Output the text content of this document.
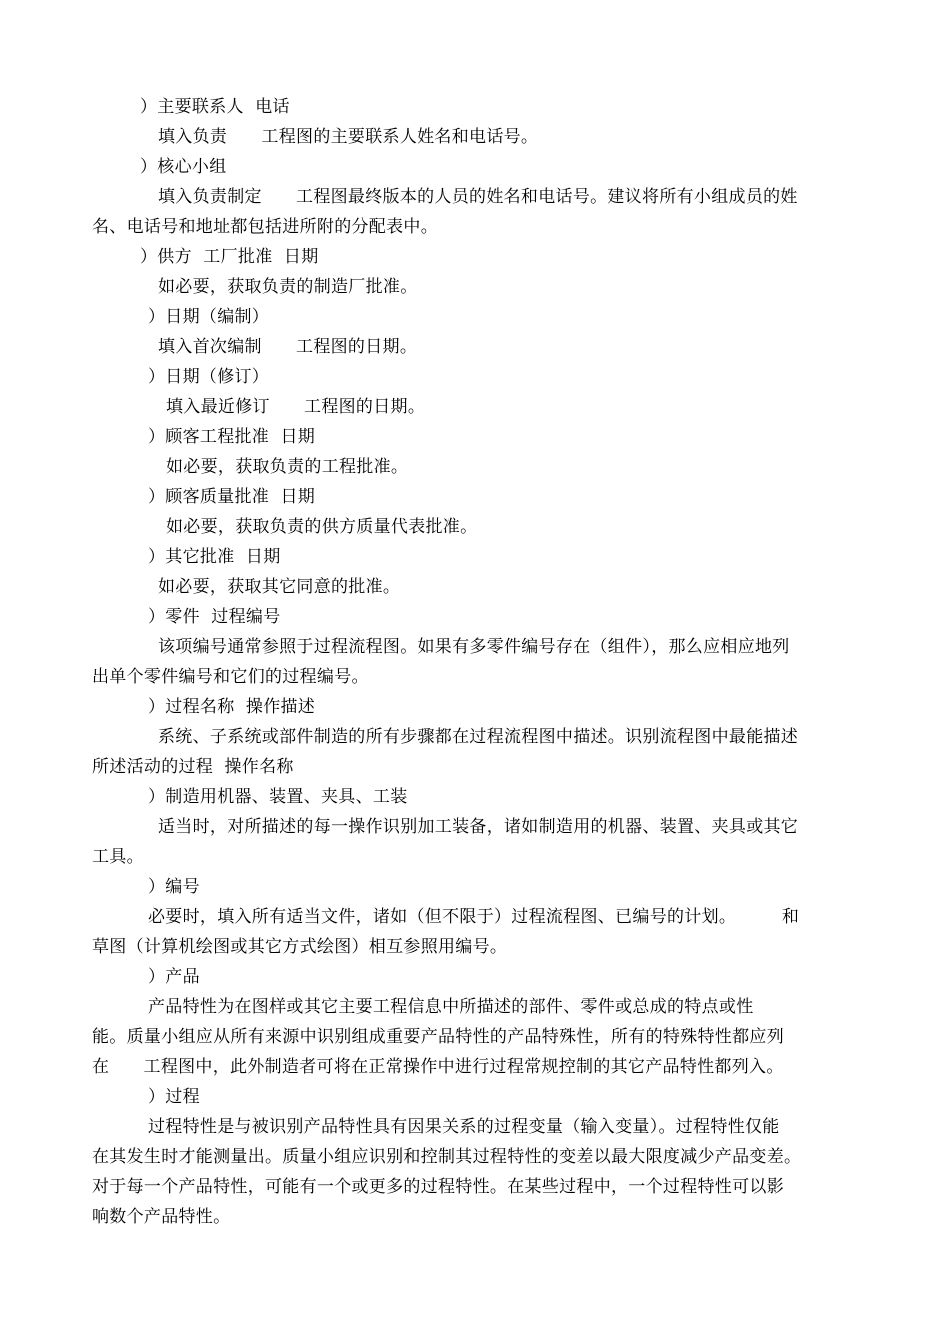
）主要联系人  电话
填入负责      工程图的主要联系人姓名和电话号。
）核心小组
填入负责制定      工程图最终版本的人员的姓名和电话号。建议将所有小组成员的姓
名、电话号和地址都包括进所附的分配表中。
）供方  工厂批准  日期
如必要，获取负责的制造厂批准。
）日期（编制）
填入首次编制      工程图的日期。
）日期（修订）
填入最近修订      工程图的日期。
）顾客工程批准  日期
如必要，获取负责的工程批准。
）顾客质量批准  日期
如必要，获取负责的供方质量代表批准。
）其它批准  日期
如必要，获取其它同意的批准。
）零件  过程编号
该项编号通常参照于过程流程图。如果有多零件编号存在（组件），那么应相应地列
出单个零件编号和它们的过程编号。
）过程名称  操作描述
系统、子系统或部件制造的所有步骤都在过程流程图中描述。识别流程图中最能描述
所述活动的过程  操作名称
）制造用机器、装置、夹具、工装
适当时，对所描述的每一操作识别加工装备，诸如制造用的机器、装置、夹具或其它
工具。
）编号
必要时，填入所有适当文件，诸如（但不限于）过程流程图、已编号的计划。        和
草图（计算机绘图或其它方式绘图）相互参照用编号。
）产品
产品特性为在图样或其它主要工程信息中所描述的部件、零件或总成的特点或性
能。质量小组应从所有来源中识别组成重要产品特性的产品特殊性，所有的特殊特性都应列
在      工程图中，此外制造者可将在正常操作中进行过程常规控制的其它产品特性都列入。
）过程
过程特性是与被识别产品特性具有因果关系的过程变量（输入变量）。过程特性仅能
在其发生时才能测量出。质量小组应识别和控制其过程特性的变差以最大限度减少产品变差。
对于每一个产品特性，可能有一个或更多的过程特性。在某些过程中，一个过程特性可以影
响数个产品特性。
